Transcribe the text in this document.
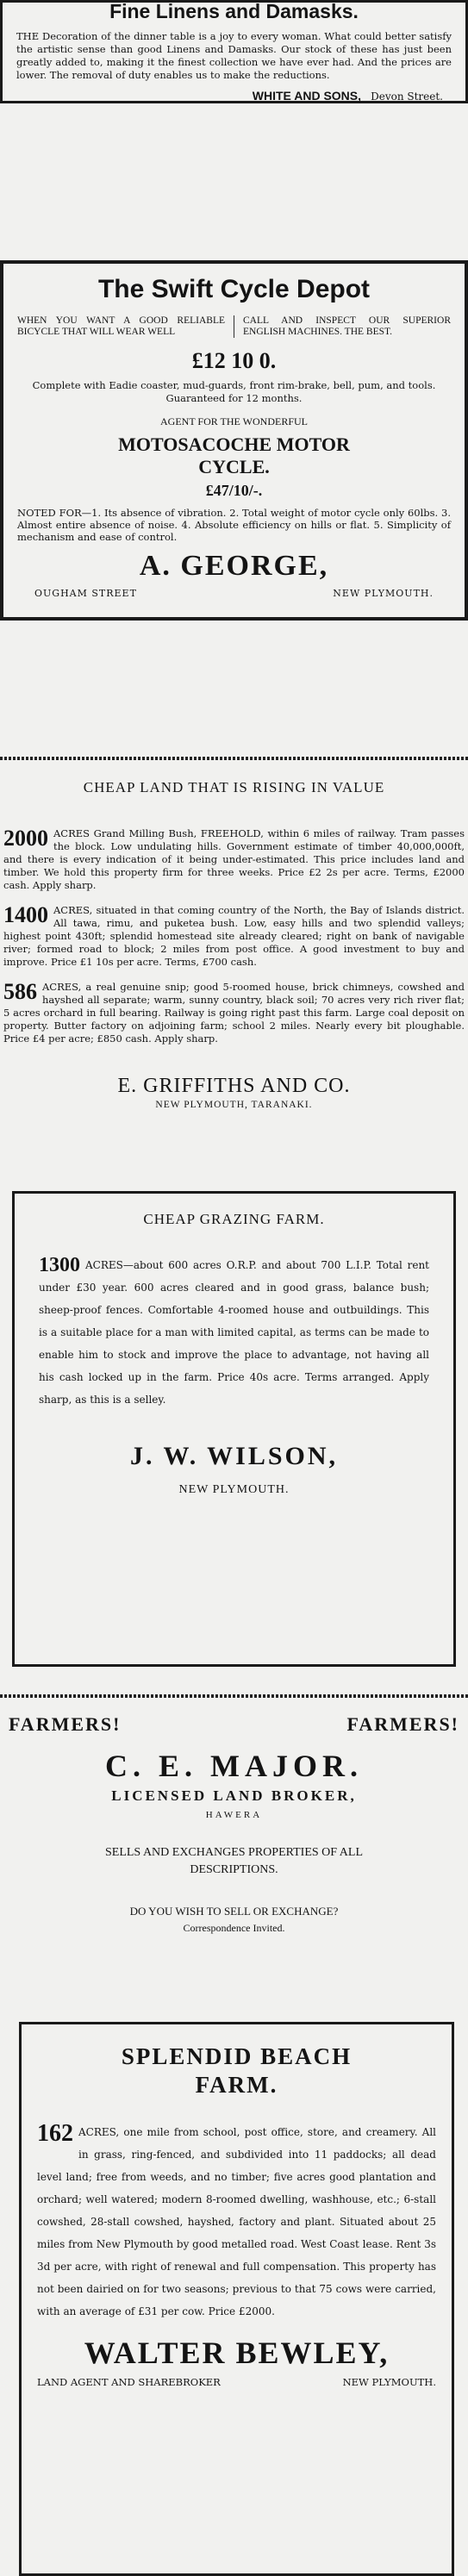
Fine Linens and Damasks.

THE Decoration of the dinner table is a joy to every woman. What could better satisfy the artistic sense than good Linens and Damasks. Our stock of these has just been greatly added to, making it the finest collection we have ever had. And the prices are lower. The removal of duty enables us to make the reductions.

WHITE AND SONS, Devon Street.
The Swift Cycle Depot
WHEN YOU WANT A GOOD RELIABLE BICYCLE THAT WILL WEAR WELL
CALL AND INSPECT OUR SUPERIOR ENGLISH MACHINES. THE BEST.
£12 10 0.

Complete with Eadie coaster, mud-guards, front rim-brake, bell, pum, and tools. Guaranteed for 12 months.

AGENT FOR THE WONDERFUL
MOTOSACOCHE MOTOR
CYCLE.
£47/10/-.

NOTED FOR—1. Its absence of vibration. 2. Total weight of motor cycle only 60lbs. 3. Almost entire absence of noise. 4. Absolute efficiency on hills or flat. 5. Simplicity of mechanism and ease of control.

A. GEORGE,
OUGHAM STREET	NEW PLYMOUTH.
CHEAP LAND THAT IS RISING IN VALUE
2000 ACRES Grand Milling Bush, FREEHOLD, within 6 miles of railway. Tram passes the block. Low undulating hills. Government estimate of timber 40,000,000ft, and there is every indication of it being under-estimated. This price includes land and timber. We hold this property firm for three weeks. Price £2 2s per acre. Terms, £2000 cash. Apply sharp.

1400 ACRES, situated in that coming country of the North, the Bay of Islands district. All tawa, rimu, and puketea bush. Low, easy hills and two splendid valleys; highest point 430ft; splendid homestead site already cleared; right on bank of navigable river; formed road to block; 2 miles from post office. A good investment to buy and improve. Price £1 10s per acre. Terms, £700 cash.

586 ACRES, a real genuine snip; good 5-roomed house, brick chimneys, cowshed and hayshed all separate; warm, sunny country, black soil; 70 acres very rich river flat; 5 acres orchard in full bearing. Railway is going right past this farm. Large coal deposit on property. Butter factory on adjoining farm; school 2 miles. Nearly every bit ploughable. Price £4 per acre; £850 cash. Apply sharp.

E. GRIFFITHS AND CO.
NEW PLYMOUTH, TARANAKI.
CHEAP GRAZING FARM.
1300 ACRES—about 600 acres O.R.P. and about 700 L.I.P. Total rent under £30 year. 600 acres cleared and in good grass, balance bush; sheep-proof fences. Comfortable 4-roomed house and outbuildings. This is a suitable place for a man with limited capital, as terms can be made to enable him to stock and improve the place to advantage, not having all his cash locked up in the farm. Price 40s acre. Terms arranged. Apply sharp, as this is a selley.

J. W. WILSON,
NEW PLYMOUTH.
FARMERS!	FARMERS!
C. E. MAJOR.
LICENSED LAND BROKER,
HAWERA
SELLS AND EXCHANGES PROPERTIES OF ALL DESCRIPTIONS.
DO YOU WISH TO SELL OR EXCHANGE?
Correspondence Invited.
SPLENDID BEACH
FARM.
162 ACRES, one mile from school, post office, store, and creamery. All in grass, ring-fenced, and subdivided into 11 paddocks; all dead level land; free from weeds, and no timber; five acres good plantation and orchard; well watered; modern 8-roomed dwelling, washhouse, etc.; 6-stall cowshed, 28-stall cowshed, hayshed, factory and plant. Situated about 25 miles from New Plymouth by good metalled road. West Coast lease. Rent 3s 3d per acre, with right of renewal and full compensation. This property has not been dairied on for two seasons; previous to that 75 cows were carried, with an average of £31 per cow. Price £2000.

WALTER BEWLEY,
LAND AGENT AND SHAREBROKER	NEW PLYMOUTH.
